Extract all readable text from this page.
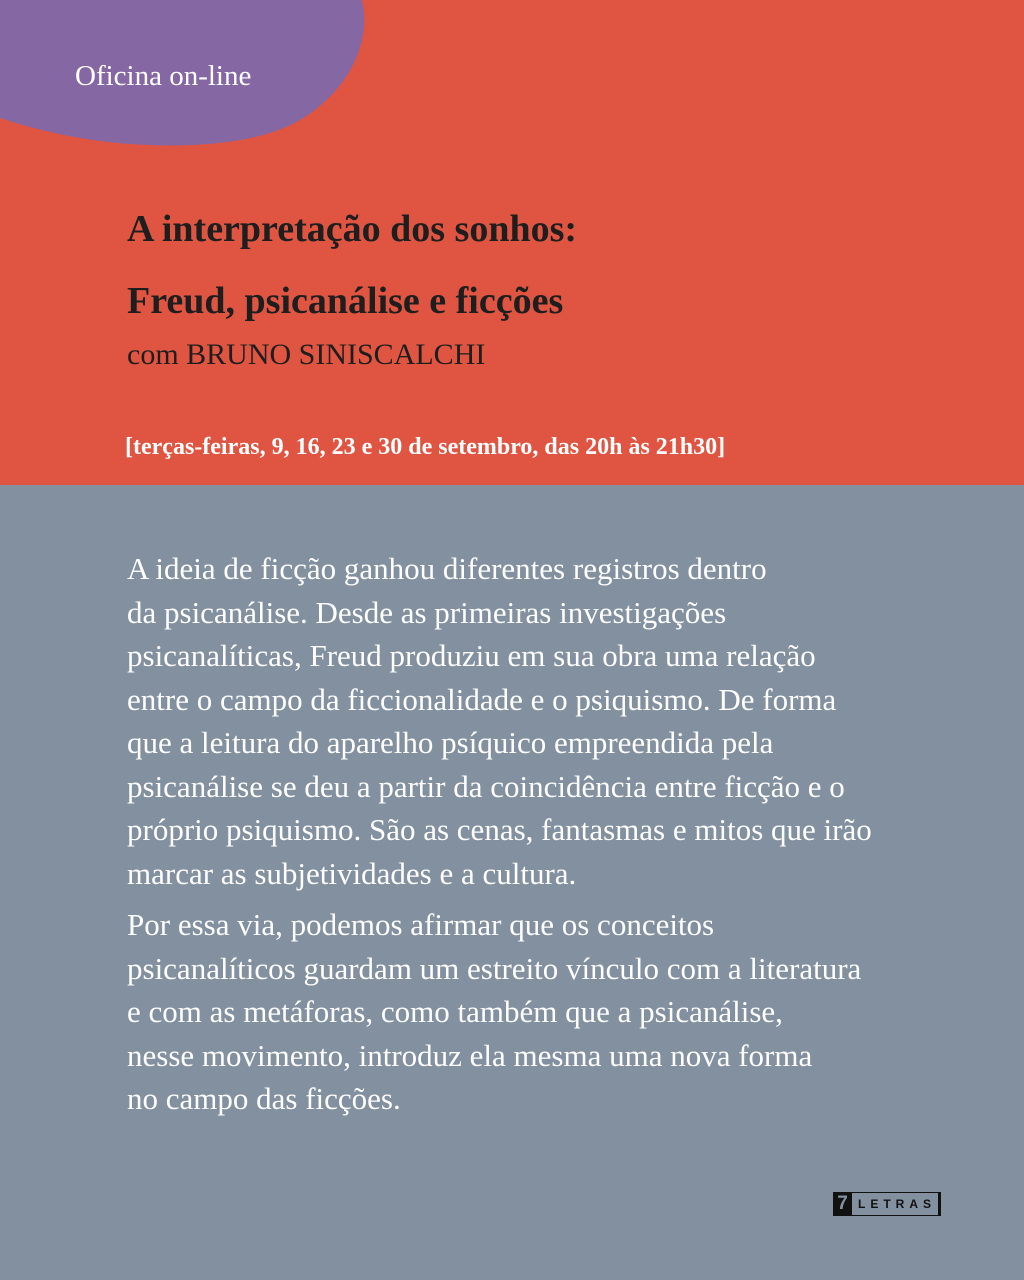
Oficina on-line
A interpretação dos sonhos:
Freud, psicanálise e ficções
com BRUNO SINISCALCHI
[terças-feiras, 9, 16, 23 e 30 de setembro, das 20h às 21h30]

A ideia de ficção ganhou diferentes registros dentro
da psicanálise. Desde as primeiras investigações
psicanalíticas, Freud produziu em sua obra uma relação
entre o campo da ficcionalidade e o psiquismo. De forma
que a leitura do aparelho psíquico empreendida pela
psicanálise se deu a partir da coincidência entre ficção e o
próprio psiquismo. São as cenas, fantasmas e mitos que irão
marcar as subjetividades e a cultura.

Por essa via, podemos afirmar que os conceitos
psicanalíticos guardam um estreito vínculo com a literatura
e com as metáforas, como também que a psicanálise,
nesse movimento, introduz ela mesma uma nova forma
no campo das ficções.

7 LETRAS
